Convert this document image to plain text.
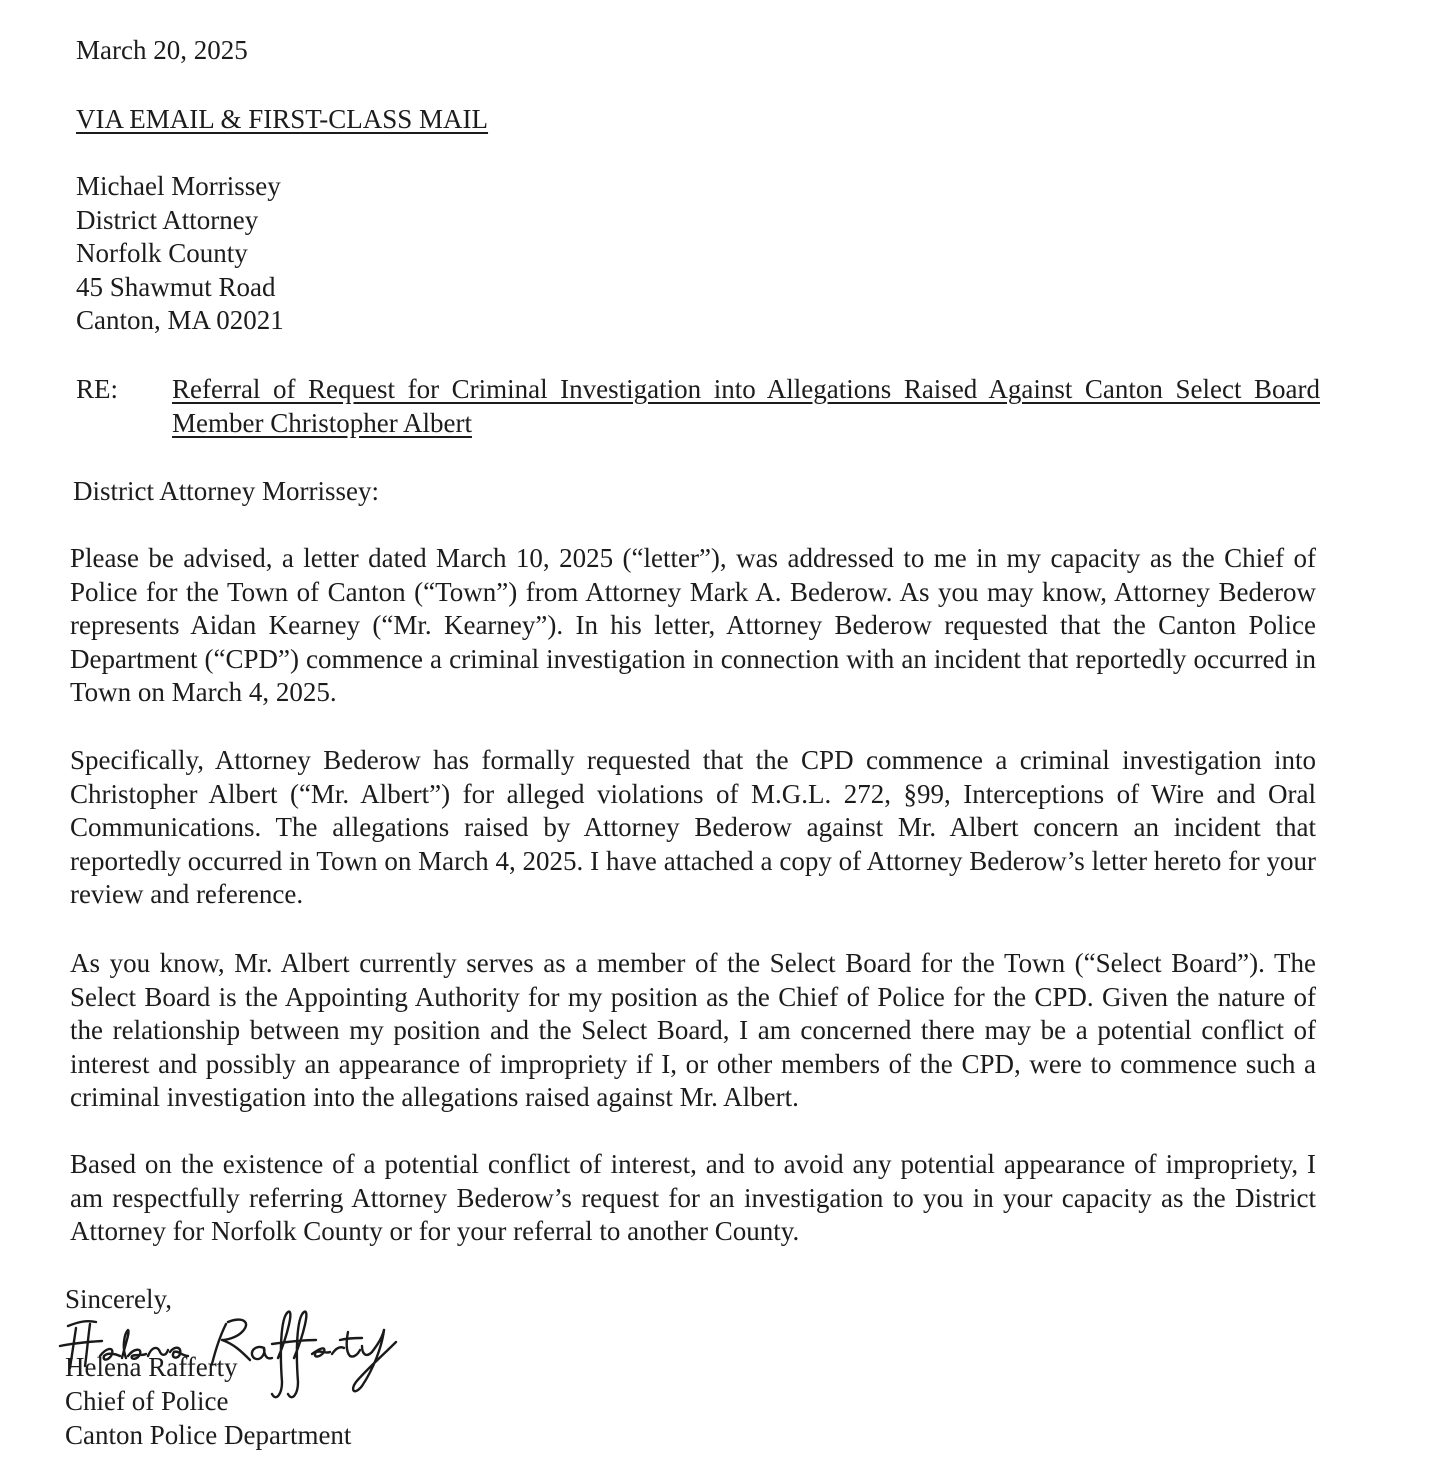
March 20, 2025
VIA EMAIL & FIRST-CLASS MAIL
Michael Morrissey
District Attorney
Norfolk County
45 Shawmut Road
Canton, MA 02021
RE: Referral of Request for Criminal Investigation into Allegations Raised Against Canton Select Board Member Christopher Albert
District Attorney Morrissey:
Please be advised, a letter dated March 10, 2025 (“letter”), was addressed to me in my capacity as the Chief of Police for the Town of Canton (“Town”) from Attorney Mark A. Bederow. As you may know, Attorney Bederow represents Aidan Kearney (“Mr. Kearney”). In his letter, Attorney Bederow requested that the Canton Police Department (“CPD”) commence a criminal investigation in connection with an incident that reportedly occurred in Town on March 4, 2025.
Specifically, Attorney Bederow has formally requested that the CPD commence a criminal investigation into Christopher Albert (“Mr. Albert”) for alleged violations of M.G.L. 272, §99, Interceptions of Wire and Oral Communications. The allegations raised by Attorney Bederow against Mr. Albert concern an incident that reportedly occurred in Town on March 4, 2025. I have attached a copy of Attorney Bederow’s letter hereto for your review and reference.
As you know, Mr. Albert currently serves as a member of the Select Board for the Town (“Select Board”). The Select Board is the Appointing Authority for my position as the Chief of Police for the CPD. Given the nature of the relationship between my position and the Select Board, I am concerned there may be a potential conflict of interest and possibly an appearance of impropriety if I, or other members of the CPD, were to commence such a criminal investigation into the allegations raised against Mr. Albert.
Based on the existence of a potential conflict of interest, and to avoid any potential appearance of impropriety, I am respectfully referring Attorney Bederow’s request for an investigation to you in your capacity as the District Attorney for Norfolk County or for your referral to another County.
Sincerely,
Helena Rafferty
Chief of Police
Canton Police Department
